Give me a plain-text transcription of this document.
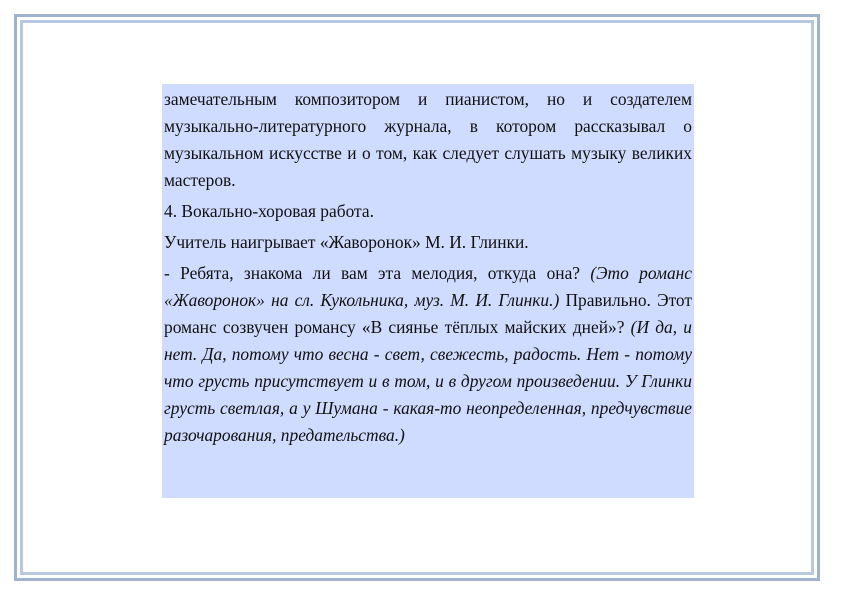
замечательным композитором и пианистом, но и создателем музыкально-литературного журнала, в котором рассказывал о музыкальном искусстве и о том, как следует слушать музыку великих мастеров.

4. Вокально-хоровая работа.

Учитель наигрывает «Жаворонок» М. И. Глинки.

- Ребята, знакома ли вам эта мелодия, откуда она? (Это романс «Жаворонок» на сл. Кукольника, муз. М. И. Глинки.) Правильно. Этот романс созвучен романсу «В сиянье тёплых майских дней»? (И да, и нет. Да, потому что весна - свет, свежесть, радость. Нет - потому что грусть присутствует и в том, и в другом произведении. У Глинки грусть светлая, а у Шумана - какая-то неопределенная, предчувствие разочарования, предательства.)
